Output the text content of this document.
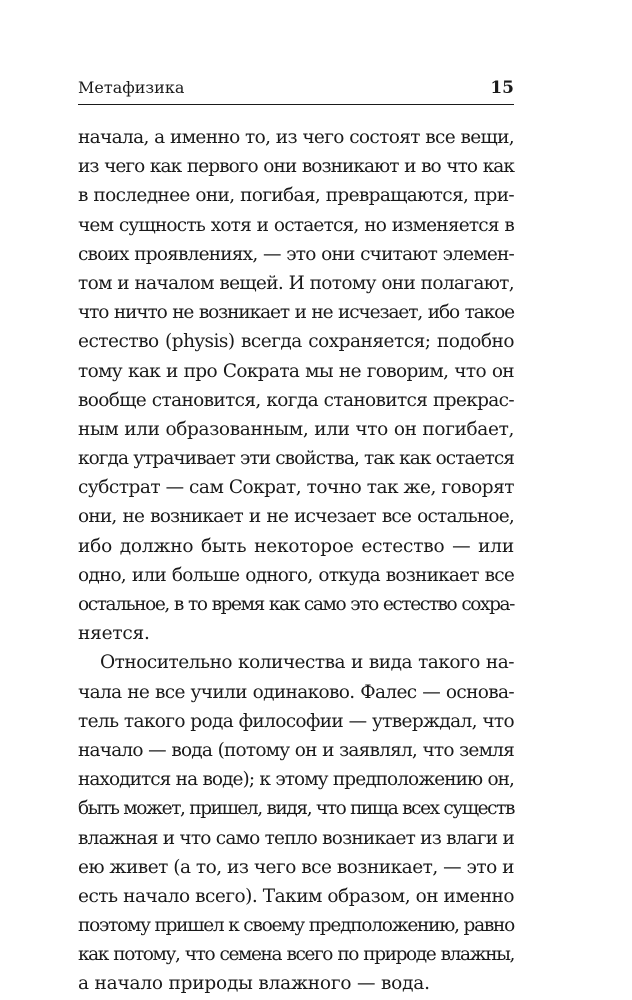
Метафизика	15
начала, а именно то, из чего состоят все вещи,
из чего как первого они возникают и во что как
в последнее они, погибая, превращаются, при-
чем сущность хотя и остается, но изменяется в
своих проявлениях, — это они считают элемен-
том и началом вещей. И потому они полагают,
что ничто не возникает и не исчезает, ибо такое
естество (physis) всегда сохраняется; подобно
тому как и про Сократа мы не говорим, что он
вообще становится, когда становится прекрас-
ным или образованным, или что он погибает,
когда утрачивает эти свойства, так как остается
субстрат — сам Сократ, точно так же, говорят
они, не возникает и не исчезает все остальное,
ибо должно быть некоторое естество — или
одно, или больше одного, откуда возникает все
остальное, в то время как само это естество сохра-
няется.
Относительно количества и вида такого на-
чала не все учили одинаково. Фалес — основа-
тель такого рода философии — утверждал, что
начало — вода (потому он и заявлял, что земля
находится на воде); к этому предположению он,
быть может, пришел, видя, что пища всех существ
влажная и что само тепло возникает из влаги и
ею живет (а то, из чего все возникает, — это и
есть начало всего). Таким образом, он именно
поэтому пришел к своему предположению, равно
как потому, что семена всего по природе влажны,
а начало природы влажного — вода.
